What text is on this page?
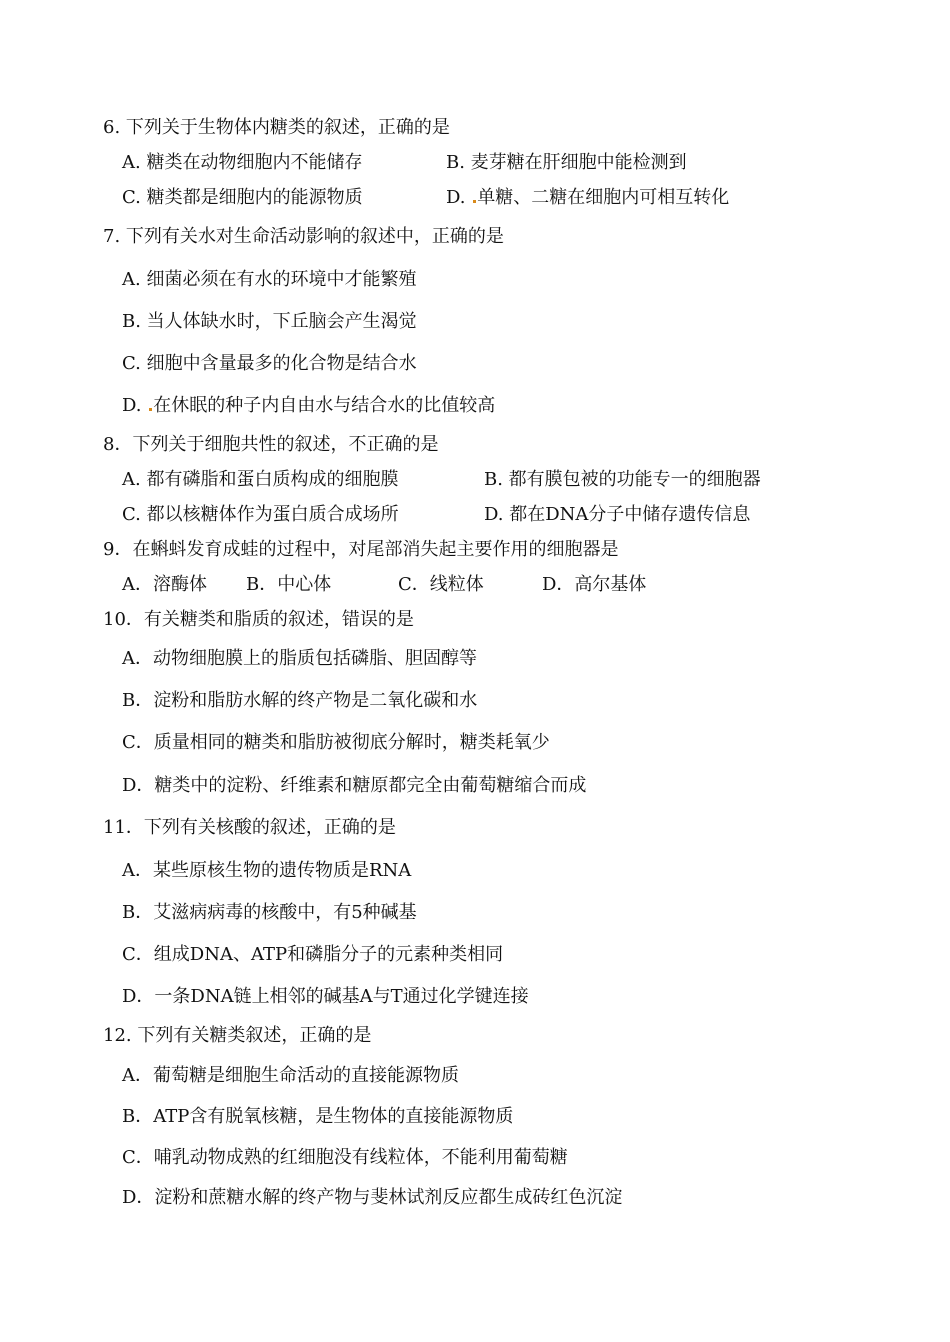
6. 下列关于生物体内糖类的叙述，正确的是
A. 糖类在动物细胞内不能储存	B. 麦芽糖在肝细胞中能检测到
C. 糖类都是细胞内的能源物质	D. 单糖、二糖在细胞内可相互转化
7. 下列有关水对生命活动影响的叙述中，正确的是
A. 细菌必须在有水的环境中才能繁殖
B. 当人体缺水时，下丘脑会产生渴觉
C. 细胞中含量最多的化合物是结合水
D. 在休眠的种子内自由水与结合水的比值较高
8．下列关于细胞共性的叙述，不正确的是
A. 都有磷脂和蛋白质构成的细胞膜	B. 都有膜包被的功能专一的细胞器
C. 都以核糖体作为蛋白质合成场所	D. 都在DNA分子中储存遗传信息
9．在蝌蚪发育成蛙的过程中，对尾部消失起主要作用的细胞器是
A．溶酶体 B．中心体	C．线粒体	D．高尔基体
10．有关糖类和脂质的叙述，错误的是
A．动物细胞膜上的脂质包括磷脂、胆固醇等
B．淀粉和脂肪水解的终产物是二氧化碳和水
C．质量相同的糖类和脂肪被彻底分解时，糖类耗氧少
D．糖类中的淀粉、纤维素和糖原都完全由葡萄糖缩合而成
11．下列有关核酸的叙述，正确的是
A．某些原核生物的遗传物质是RNA
B．艾滋病病毒的核酸中，有5种碱基
C．组成DNA、ATP和磷脂分子的元素种类相同
D．一条DNA链上相邻的碱基A与T通过化学键连接
12. 下列有关糖类叙述，正确的是
A．葡萄糖是细胞生命活动的直接能源物质
B．ATP含有脱氧核糖，是生物体的直接能源物质
C．哺乳动物成熟的红细胞没有线粒体，不能利用葡萄糖
D．淀粉和蔗糖水解的终产物与斐林试剂反应都生成砖红色沉淀
